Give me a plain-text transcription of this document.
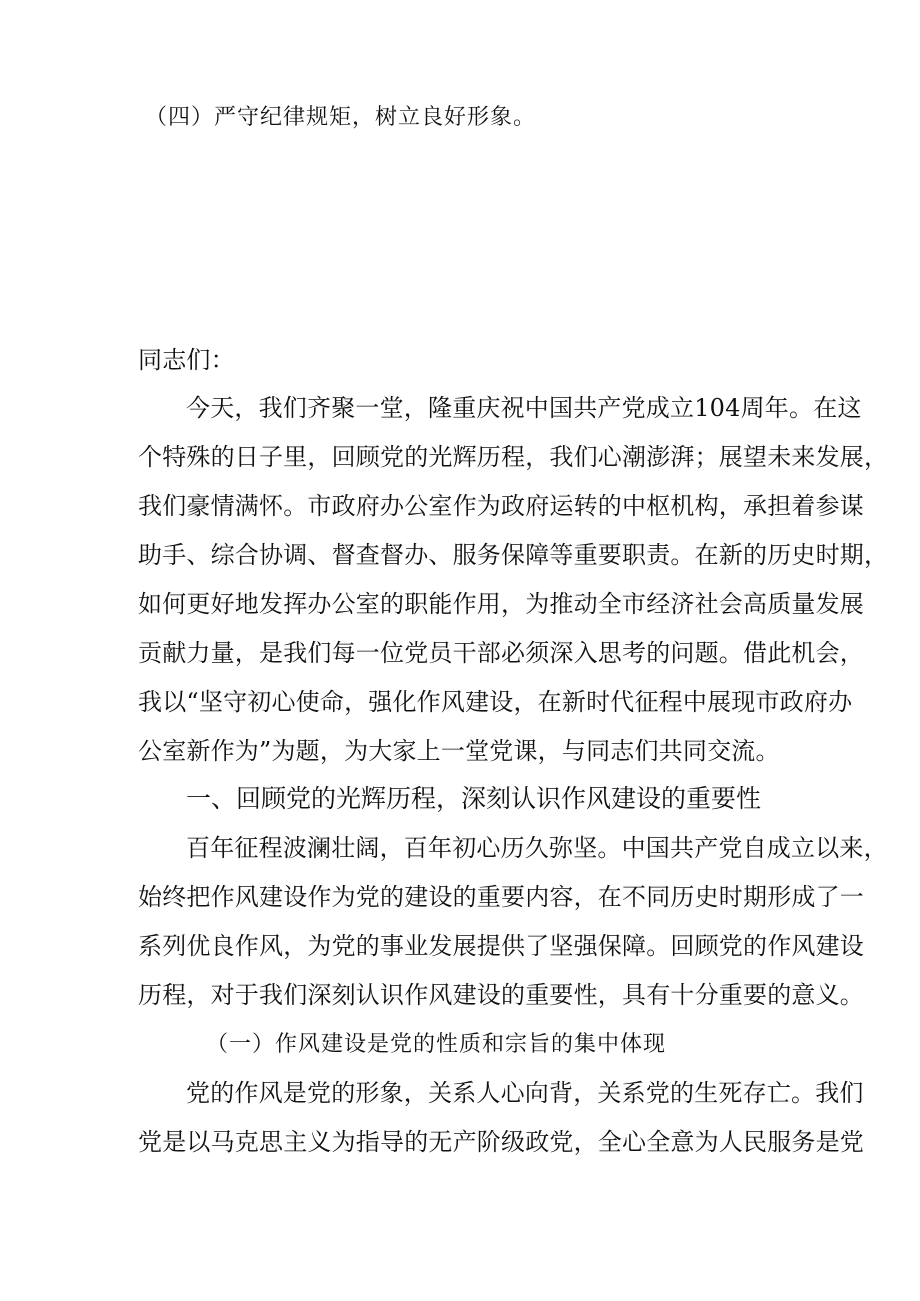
（四）严守纪律规矩，树立良好形象。
同志们：
今天，我们齐聚一堂，隆重庆祝中国共产党成立104周年。在这
个特殊的日子里，回顾党的光辉历程，我们心潮澎湃；展望未来发展，
我们豪情满怀。市政府办公室作为政府运转的中枢机构，承担着参谋
助手、综合协调、督查督办、服务保障等重要职责。在新的历史时期，
如何更好地发挥办公室的职能作用，为推动全市经济社会高质量发展
贡献力量，是我们每一位党员干部必须深入思考的问题。借此机会，
我以“坚守初心使命，强化作风建设，在新时代征程中展现市政府办
公室新作为”为题，为大家上一堂党课，与同志们共同交流。
一、回顾党的光辉历程，深刻认识作风建设的重要性
百年征程波澜壮阔，百年初心历久弥坚。中国共产党自成立以来，
始终把作风建设作为党的建设的重要内容，在不同历史时期形成了一
系列优良作风，为党的事业发展提供了坚强保障。回顾党的作风建设
历程，对于我们深刻认识作风建设的重要性，具有十分重要的意义。
（一）作风建设是党的性质和宗旨的集中体现
党的作风是党的形象，关系人心向背，关系党的生死存亡。我们
党是以马克思主义为指导的无产阶级政党，全心全意为人民服务是党
